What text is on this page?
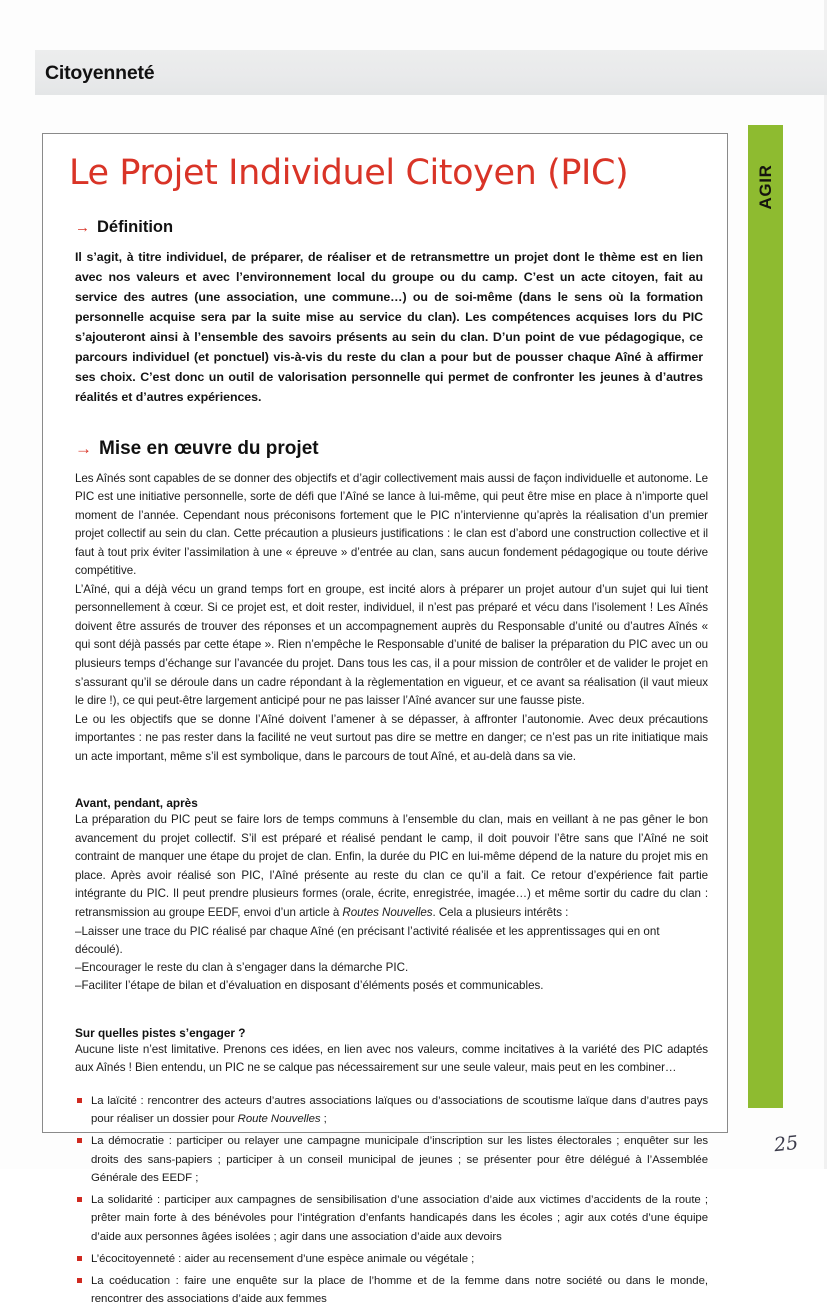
Citoyenneté
AGIR
Le Projet Individuel Citoyen (PIC)
→ Définition
Il s’agit, à titre individuel, de préparer, de réaliser et de retransmettre un projet dont le thème est en lien avec nos valeurs et avec l’environnement local du groupe ou du camp. C’est un acte citoyen, fait au service des autres (une association, une commune…) ou de soi-même (dans le sens où la formation personnelle acquise sera par la suite mise au service du clan). Les compétences acquises lors du PIC s’ajouteront ainsi à l’ensemble des savoirs présents au sein du clan. D’un point de vue pédagogique, ce parcours individuel (et ponctuel) vis-à-vis du reste du clan a pour but de pousser chaque Aîné à affirmer ses choix. C’est donc un outil de valorisation personnelle qui permet de confronter les jeunes à d’autres réalités et d’autres expériences.
→ Mise en œuvre du projet

Les Aînés sont capables de se donner des objectifs et d’agir collectivement mais aussi de façon individuelle et autonome. Le PIC est une initiative personnelle, sorte de défi que l’Aîné se lance à lui-même, qui peut être mise en place à n’importe quel moment de l’année. Cependant nous préconisons fortement que le PIC n’intervienne qu’après la réalisation d’un premier projet collectif au sein du clan. Cette précaution a plusieurs justifications : le clan est d’abord une construction collective et il faut à tout prix éviter l’assimilation à une « épreuve » d’entrée au clan, sans aucun fondement pédagogique ou toute dérive compétitive.

L’Aîné, qui a déjà vécu un grand temps fort en groupe, est incité alors à préparer un projet autour d’un sujet qui lui tient personnellement à cœur. Si ce projet est, et doit rester, individuel, il n’est pas préparé et vécu dans l’isolement ! Les Aînés doivent être assurés de trouver des réponses et un accompagnement auprès du Responsable d’unité ou d’autres Aînés « qui sont déjà passés par cette étape ». Rien n’empêche le Responsable d’unité de baliser la préparation du PIC avec un ou plusieurs temps d’échange sur l’avancée du projet. Dans tous les cas, il a pour mission de contrôler et de valider le projet en s’assurant qu’il se déroule dans un cadre répondant à la règlementation en vigueur, et ce avant sa réalisation (il vaut mieux le dire !), ce qui peut-être largement anticipé pour ne pas laisser l’Aîné avancer sur une fausse piste.

Le ou les objectifs que se donne l’Aîné doivent l’amener à se dépasser, à affronter l’autonomie. Avec deux précautions importantes : ne pas rester dans la facilité ne veut surtout pas dire se mettre en danger; ce n’est pas un rite initiatique mais un acte important, même s’il est symbolique, dans le parcours de tout Aîné, et au-delà dans sa vie.

Avant, pendant, après

La préparation du PIC peut se faire lors de temps communs à l’ensemble du clan, mais en veillant à ne pas gêner le bon avancement du projet collectif. S’il est préparé et réalisé pendant le camp, il doit pouvoir l’être sans que l’Aîné ne soit contraint de manquer une étape du projet de clan. Enfin, la durée du PIC en lui-même dépend de la nature du projet mis en place. Après avoir réalisé son PIC, l’Aîné présente au reste du clan ce qu’il a fait. Ce retour d’expérience fait partie intégrante du PIC. Il peut prendre plusieurs formes (orale, écrite, enregistrée, imagée…) et même sortir du cadre du clan : retransmission au groupe EEDF, envoi d’un article à Routes Nouvelles. Cela a plusieurs intérêts :

–Laisser une trace du PIC réalisé par chaque Aîné (en précisant l’activité réalisée et les apprentissages qui en ont découlé).
–Encourager le reste du clan à s’engager dans la démarche PIC.
–Faciliter l’étape de bilan et d’évaluation en disposant d’éléments posés et communicables.
Sur quelles pistes s’engager ?

Aucune liste n’est limitative. Prenons ces idées, en lien avec nos valeurs, comme incitatives à la variété des PIC adaptés aux Aînés ! Bien entendu, un PIC ne se calque pas nécessairement sur une seule valeur, mais peut en les combiner…

La laïcité : rencontrer des acteurs d’autres associations laïques ou d’associations de scoutisme laïque dans d’autres pays pour réaliser un dossier pour Route Nouvelles ;
La démocratie : participer ou relayer une campagne municipale d’inscription sur les listes électorales ; enquêter sur les droits des sans-papiers ; participer à un conseil municipal de jeunes ; se présenter pour être délégué à l’Assemblée Générale des EEDF ;
La solidarité : participer aux campagnes de sensibilisation d’une association d’aide aux victimes d’accidents de la route ; prêter main forte à des bénévoles pour l’intégration d’enfants handicapés dans les écoles ; agir aux cotés d’une équipe d’aide aux personnes âgées isolées ; agir dans une association d’aide aux devoirs
L’écocitoyenneté : aider au recensement d’une espèce animale ou végétale ;
La coéducation : faire une enquête sur la place de l’homme et de la femme dans notre société ou dans le monde, rencontrer des associations d’aide aux femmes
25
